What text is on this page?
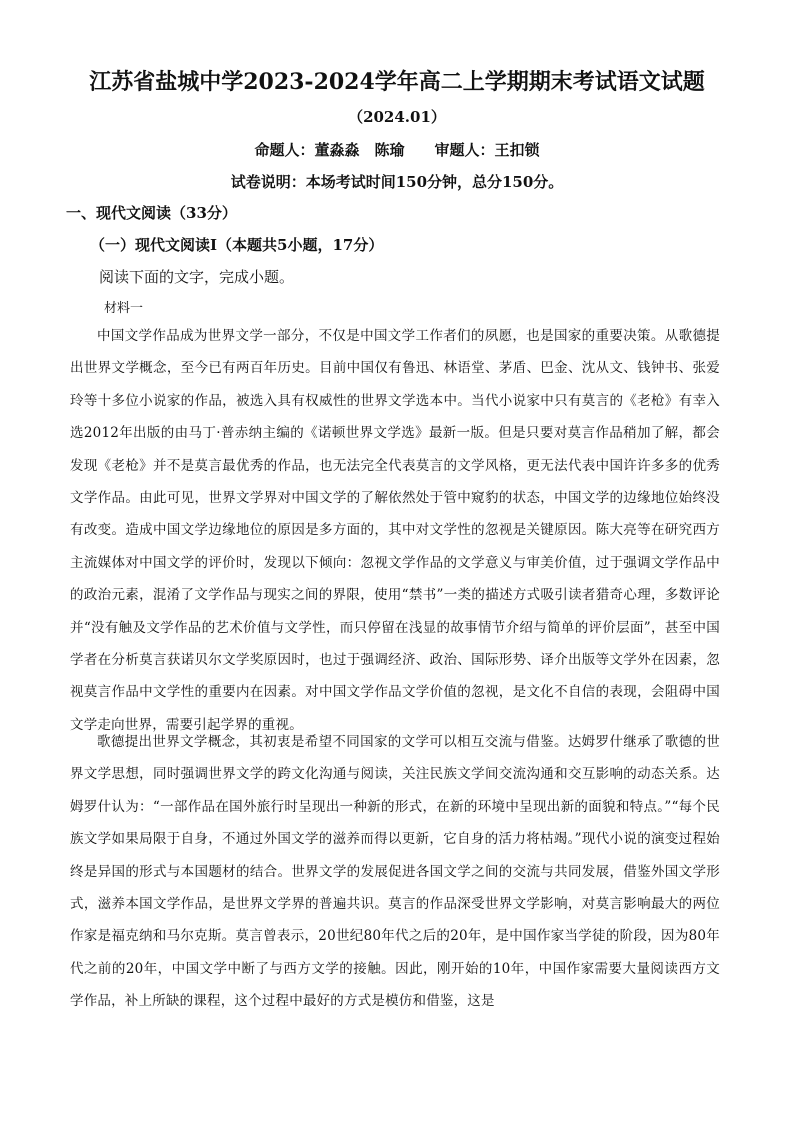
江苏省盐城中学2023-2024学年高二上学期期末考试语文试题
（2024.01）
命题人：董淼淼　陈瑜　　审题人：王扣锁
试卷说明：本场考试时间150分钟，总分150分。
一、现代文阅读（33分）
（一）现代文阅读Ⅰ（本题共5小题，17分）
阅读下面的文字，完成小题。
材料一
中国文学作品成为世界文学一部分，不仅是中国文学工作者们的夙愿，也是国家的重要决策。从歌德提出世界文学概念，至今已有两百年历史。目前中国仅有鲁迅、林语堂、茅盾、巴金、沈从文、钱钟书、张爱玲等十多位小说家的作品，被选入具有权威性的世界文学选本中。当代小说家中只有莫言的《老枪》有幸入选2012年出版的由马丁·普赤纳主编的《诺顿世界文学选》最新一版。但是只要对莫言作品稍加了解，都会发现《老枪》并不是莫言最优秀的作品，也无法完全代表莫言的文学风格，更无法代表中国许许多多的优秀文学作品。由此可见，世界文学界对中国文学的了解依然处于管中窥豹的状态，中国文学的边缘地位始终没有改变。造成中国文学边缘地位的原因是多方面的，其中对文学性的忽视是关键原因。陈大亮等在研究西方主流媒体对中国文学的评价时，发现以下倾向：忽视文学作品的文学意义与审美价值，过于强调文学作品中的政治元素，混淆了文学作品与现实之间的界限，使用“禁书”一类的描述方式吸引读者猎奇心理，多数评论并“没有触及文学作品的艺术价值与文学性，而只停留在浅显的故事情节介绍与简单的评价层面”，甚至中国学者在分析莫言获诺贝尔文学奖原因时，也过于强调经济、政治、国际形势、译介出版等文学外在因素，忽视莫言作品中文学性的重要内在因素。对中国文学作品文学价值的忽视，是文化不自信的表现，会阻碍中国文学走向世界，需要引起学界的重视。
歌德提出世界文学概念，其初衷是希望不同国家的文学可以相互交流与借鉴。达姆罗什继承了歌德的世界文学思想，同时强调世界文学的跨文化沟通与阅读，关注民族文学间交流沟通和交互影响的动态关系。达姆罗什认为：“一部作品在国外旅行时呈现出一种新的形式，在新的环境中呈现出新的面貌和特点。”“每个民族文学如果局限于自身，不通过外国文学的滋养而得以更新，它自身的活力将枯竭。”现代小说的演变过程始终是异国的形式与本国题材的结合。世界文学的发展促进各国文学之间的交流与共同发展，借鉴外国文学形式，滋养本国文学作品，是世界文学界的普遍共识。莫言的作品深受世界文学影响，对莫言影响最大的两位作家是福克纳和马尔克斯。莫言曾表示，20世纪80年代之后的20年，是中国作家当学徒的阶段，因为80年代之前的20年，中国文学中断了与西方文学的接触。因此，刚开始的10年，中国作家需要大量阅读西方文学作品，补上所缺的课程，这个过程中最好的方式是模仿和借鉴，这是
